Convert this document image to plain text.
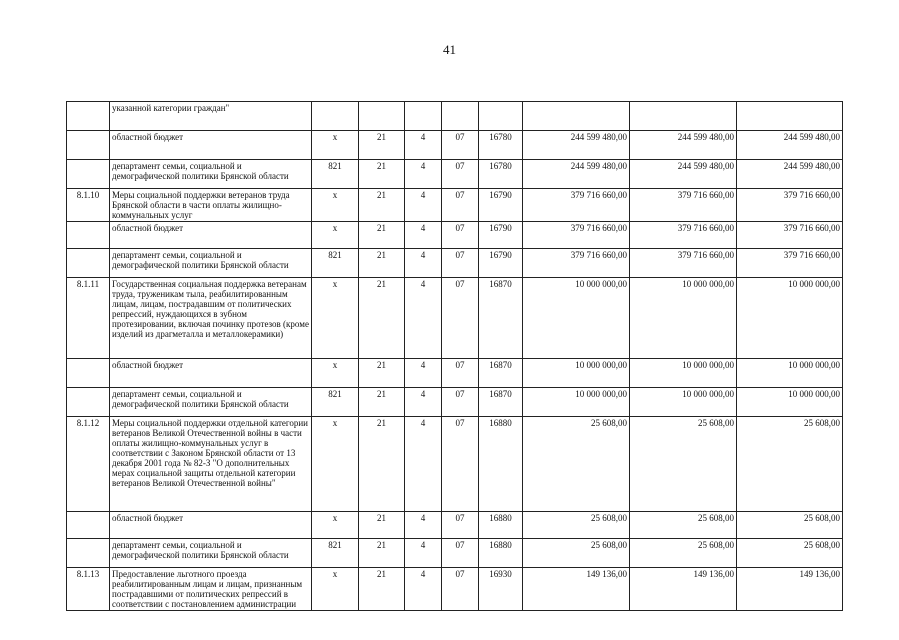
41
	указанной категории граждан"								
	областной бюджет	х	21	4	07	16780	244 599 480,00	244 599 480,00	244 599 480,00
	департамент семьи, социальной и демографической политики Брянской области	821	21	4	07	16780	244 599 480,00	244 599 480,00	244 599 480,00
8.1.10	Меры социальной поддержки ветеранов труда Брянской области в части оплаты жилищно-коммунальных услуг	х	21	4	07	16790	379 716 660,00	379 716 660,00	379 716 660,00
	областной бюджет	х	21	4	07	16790	379 716 660,00	379 716 660,00	379 716 660,00
	департамент семьи, социальной и демографической политики Брянской области	821	21	4	07	16790	379 716 660,00	379 716 660,00	379 716 660,00
8.1.11	Государственная социальная поддержка ветеранам труда, труженикам тыла, реабилитированным лицам, лицам, пострадавшим от политических репрессий, нуждающихся в зубном протезировании, включая починку протезов (кроме изделий из драгметалла и металлокерамики)	х	21	4	07	16870	10 000 000,00	10 000 000,00	10 000 000,00
	областной бюджет	х	21	4	07	16870	10 000 000,00	10 000 000,00	10 000 000,00
	департамент семьи, социальной и демографической политики Брянской области	821	21	4	07	16870	10 000 000,00	10 000 000,00	10 000 000,00
8.1.12	Меры социальной поддержки отдельной категории ветеранов Великой Отечественной войны в части оплаты жилищно-коммунальных услуг в соответствии с Законом Брянской области от 13 декабря 2001 года № 82-З "О дополнительных мерах социальной защиты отдельной категории ветеранов Великой Отечественной войны"	х	21	4	07	16880	25 608,00	25 608,00	25 608,00
	областной бюджет	х	21	4	07	16880	25 608,00	25 608,00	25 608,00
	департамент семьи, социальной и демографической политики Брянской области	821	21	4	07	16880	25 608,00	25 608,00	25 608,00
8.1.13	Предоставление льготного проезда реабилитированным лицам и лицам, признанным пострадавшими от политических репрессий в соответствии с постановлением администрации	х	21	4	07	16930	149 136,00	149 136,00	149 136,00
